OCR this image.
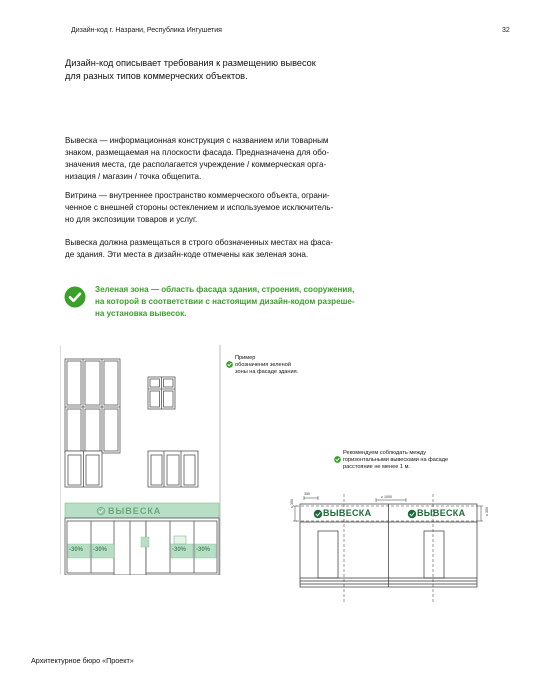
Дизайн-код г. Назрани, Республика Ингушетия	32
Дизайн-код описывает требования к размещению вывесок
для разных типов коммерческих объектов.

Вывеска — информационная конструкция с названием или товарным

знаком, размещаемая на плоскости фасада. Предназначена для обо-

значения места, где располагается учреждение / коммерческая орга-

низация / магазин / точка общепита.

Витрина — внутреннее пространство коммерческого объекта, ограни-

ченное с внешней стороны остеклением и используемое исключитель-

но для экспозиции товаров и услуг.

Вывеска должна размещаться в строго обозначенных местах на фаса-

де здания. Эти места в дизайн-коде отмечены как зеленая зона.

Зеленая зона — область фасада здания, строения, сооружения,
на которой в соответствии с настоящим дизайн-кодом разреше-
на установка вывесок.
ВЫВЕСКА
-30% -30%	-30% -30%
Пример
обозначения зеленой
зоны на фасаде здания.
Рекомендуем соблюдать между
горизонтальными вывесками на фасаде
расстояние не менее 1 м.
ВЫВЕСКА	ВЫВЕСКА
350
≥ 1000
≤ 350
≤ 350
Архитектурное бюро «Проект»
